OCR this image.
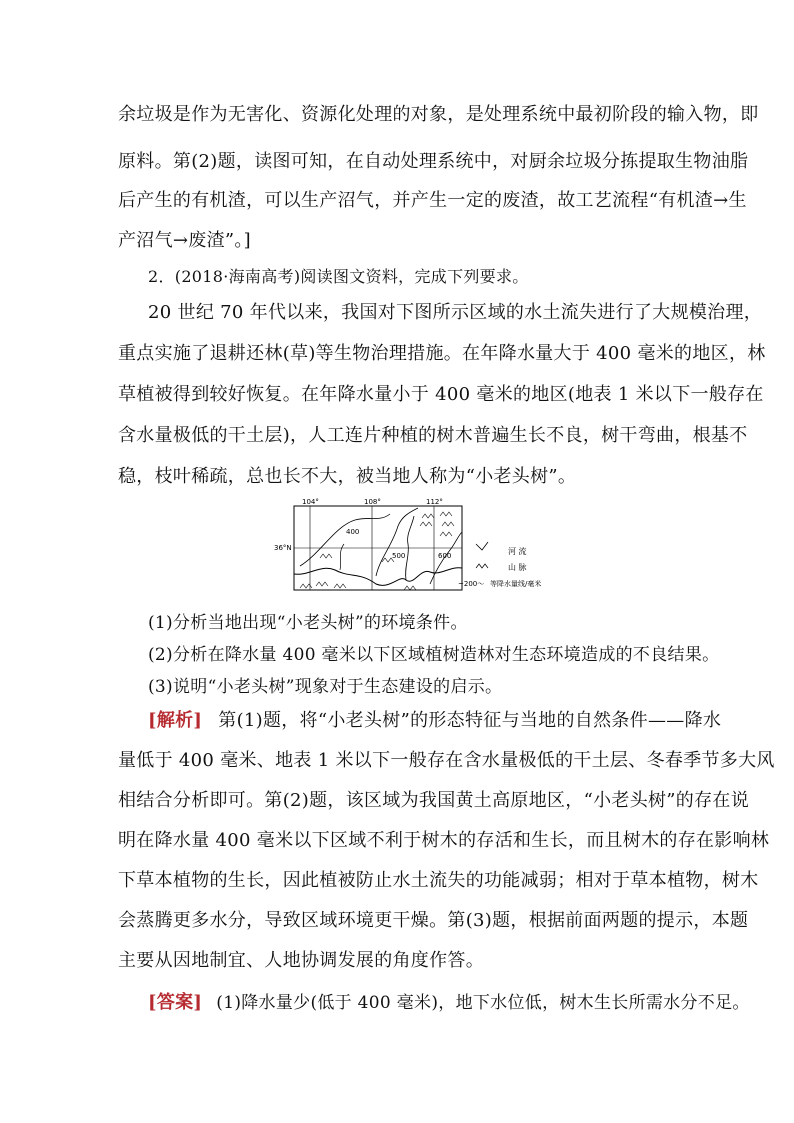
余垃圾是作为无害化、资源化处理的对象，是处理系统中最初阶段的输入物，即
原料。第(2)题，读图可知，在自动处理系统中，对厨余垃圾分拣提取生物油脂
后产生的有机渣，可以生产沼气，并产生一定的废渣，故工艺流程“有机渣→生
产沼气→废渣”。]
2．(2018·海南高考)阅读图文资料，完成下列要求。
20 世纪 70 年代以来，我国对下图所示区域的水土流失进行了大规模治理，
重点实施了退耕还林(草)等生物治理措施。在年降水量大于 400 毫米的地区，林
草植被得到较好恢复。在年降水量小于 400 毫米的地区(地表 1 米以下一般存在
含水量极低的干土层)，人工连片种植的树木普遍生长不良，树干弯曲，根基不
稳，枝叶稀疏，总也长不大，被当地人称为“小老头树”。
104°	108°	112°
36°N
400
500	600	河 流
山 脉
~200～ 等降水量线/毫米
(1)分析当地出现“小老头树”的环境条件。
(2)分析在降水量 400 毫米以下区域植树造林对生态环境造成的不良结果。
(3)说明“小老头树”现象对于生态建设的启示。
[解析] 第(1)题，将“小老头树”的形态特征与当地的自然条件——降水
量低于 400 毫米、地表 1 米以下一般存在含水量极低的干土层、冬春季节多大风
相结合分析即可。第(2)题，该区域为我国黄土高原地区，“小老头树”的存在说
明在降水量 400 毫米以下区域不利于树木的存活和生长，而且树木的存在影响林
下草本植物的生长，因此植被防止水土流失的功能减弱；相对于草本植物，树木
会蒸腾更多水分，导致区域环境更干燥。第(3)题，根据前面两题的提示，本题
主要从因地制宜、人地协调发展的角度作答。
[答案] (1)降水量少(低于 400 毫米)，地下水位低，树木生长所需水分不足。
